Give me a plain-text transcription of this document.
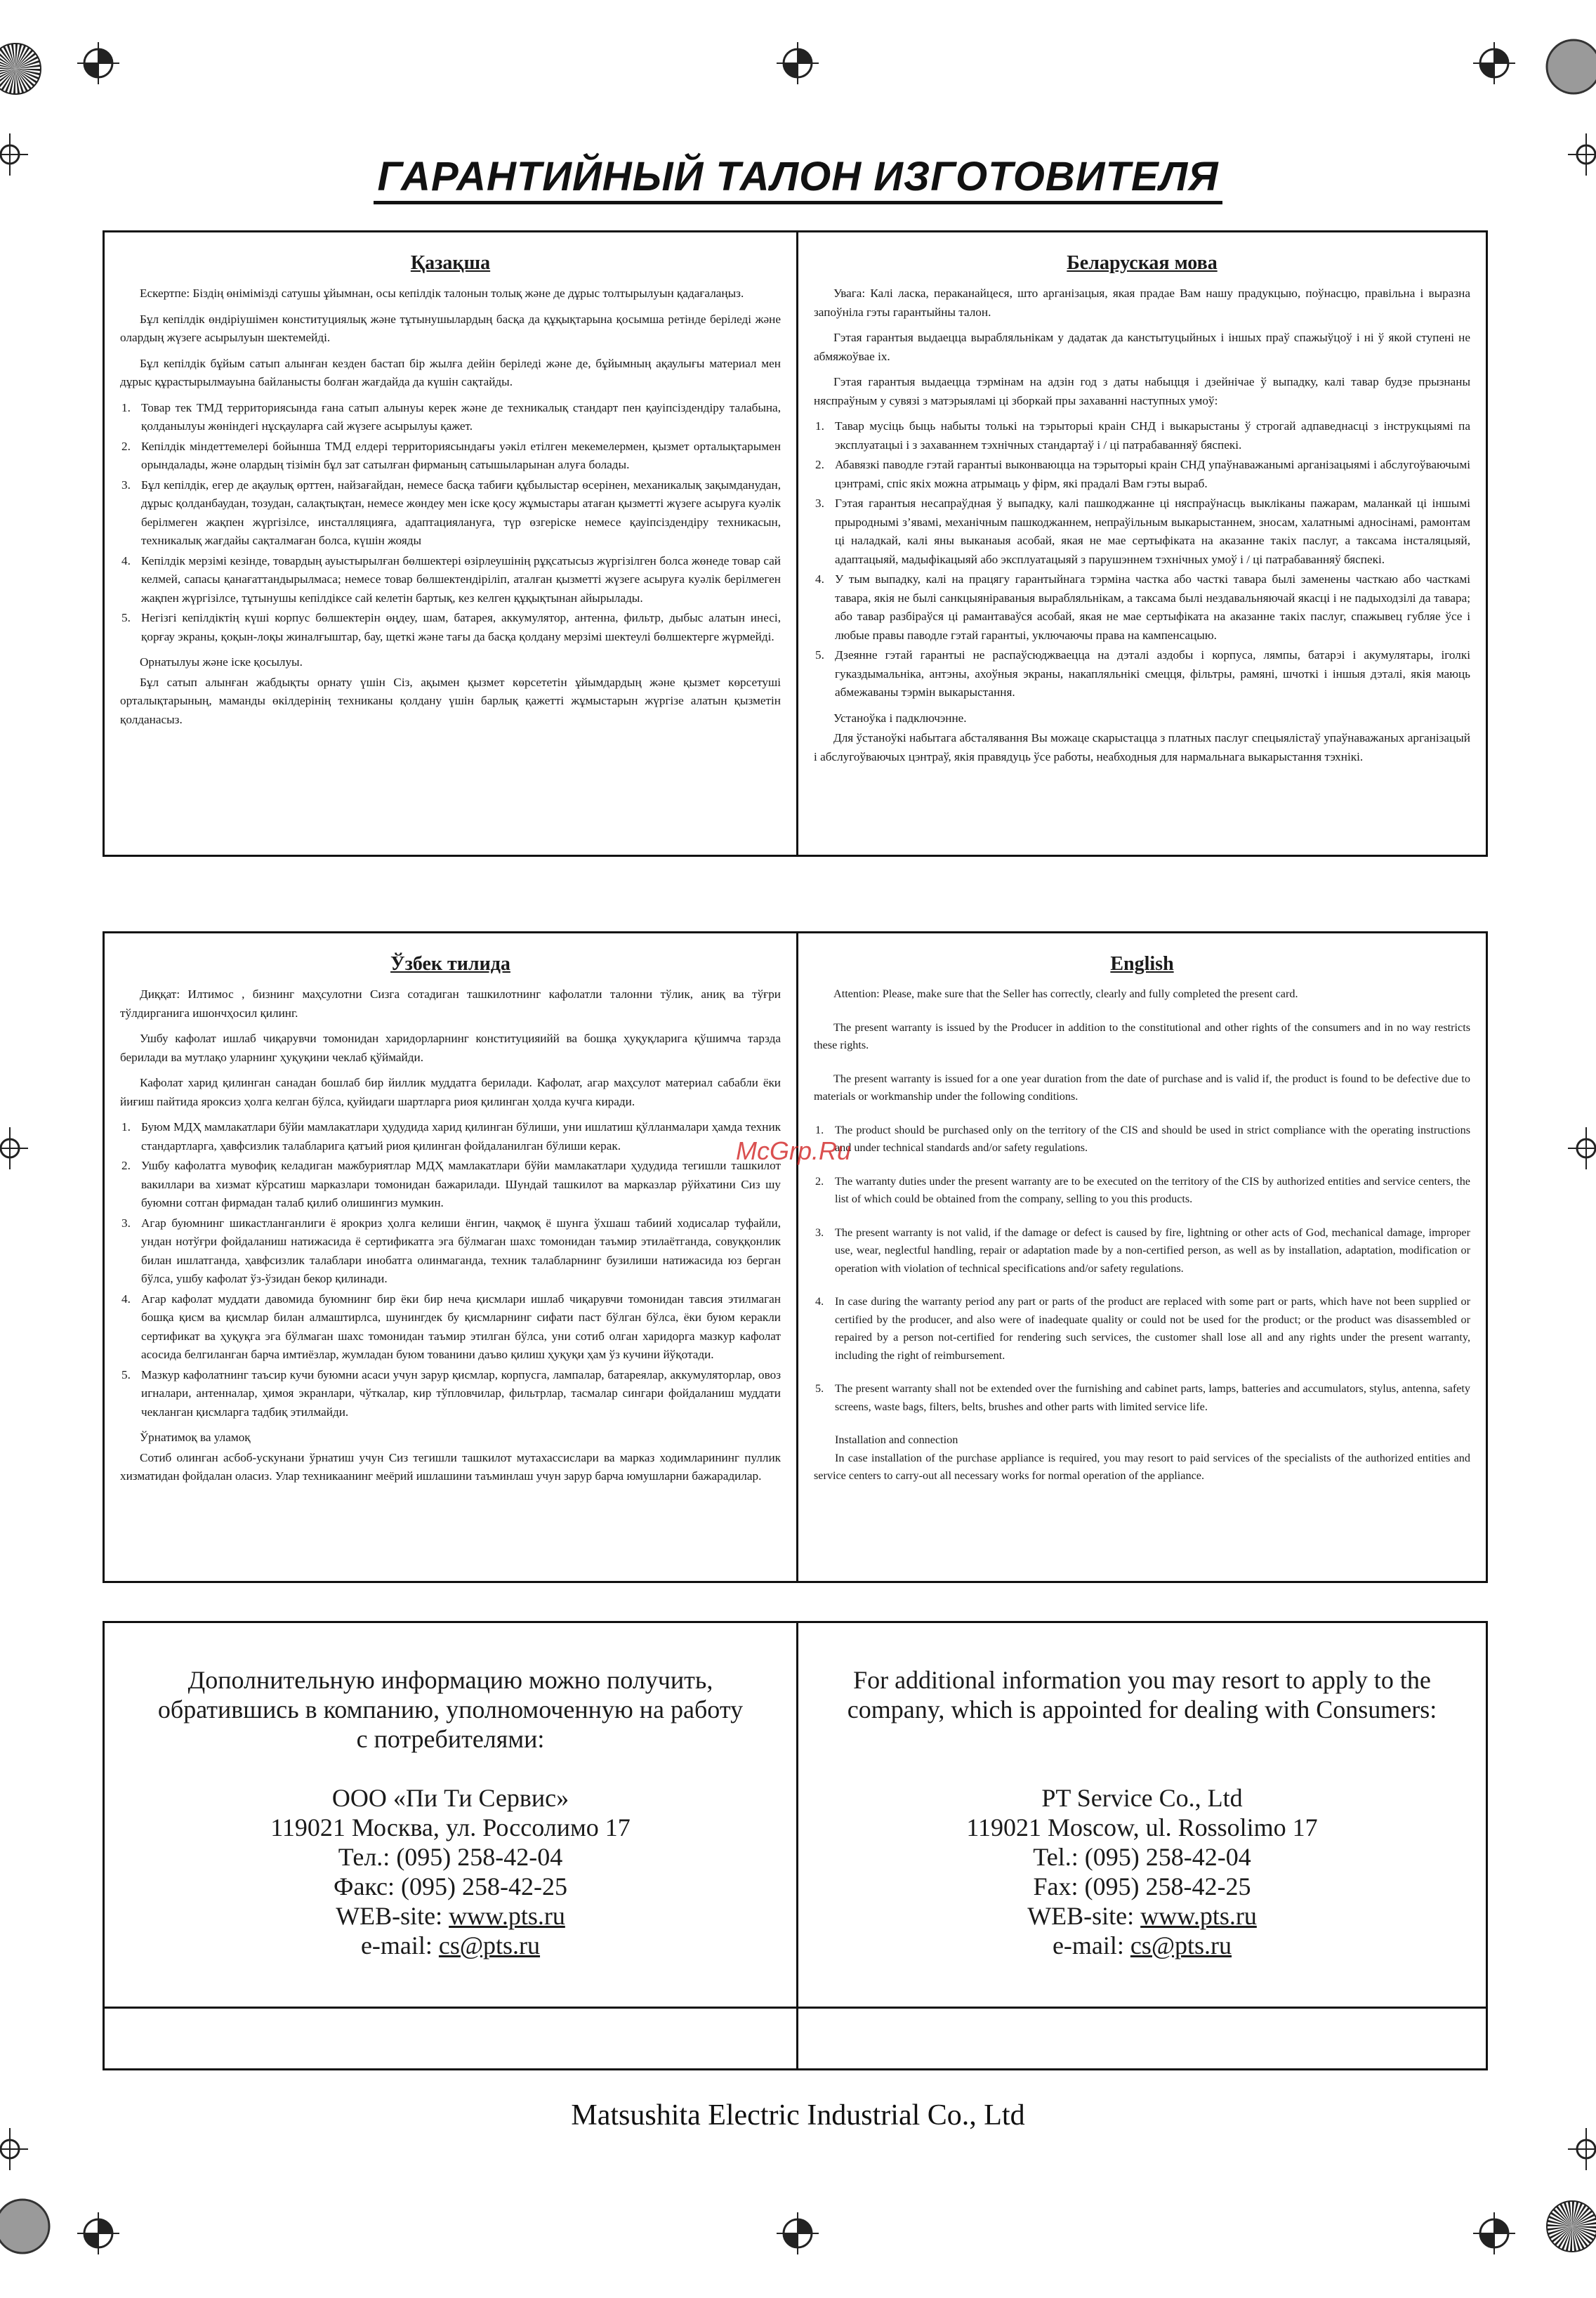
ГАРАНТИЙНЫЙ ТАЛОН ИЗГОТОВИТЕЛЯ
Қазақша

Ескертпе: Біздің өнімімізді сатушы ұйымнан, осы кепілдік талонын толық және де дұрыс толтырылуын қадағалаңыз.

Бұл кепілдік өндіріушімен конституциялық және тұтынушылардың басқа да құқықтарына қосымша ретінде беріледі және олардың жүзеге асырылуын шектемейді.

Бұл кепілдік бұйым сатып алынған кезден бастап бір жылға дейін беріледі және де, бұйымның ақаулығы материал мен дұрыс құрастырылмауына байланысты болған жағдайда да күшін сақтайды.

1. Товар тек ТМД территориясында ғана сатып алынуы керек және де техникалық стандарт пен қауіпсіздендіру талабына, қолданылуы жөніндегі нұсқауларға сай жүзеге асырылуы қажет.
2. Кепілдік міндеттемелері бойынша ТМД елдері территориясындағы уәкіл етілген мекемелермен, қызмет орталықтарымен орындалады, және олардың тізімін бұл зат сатылған фирманың сатышыларынан алуға болады.
3. Бұл кепілдік, егер де ақаулық өрттен, найзағайдан, немесе басқа табиғи құбылыстар өсерінен, механикалық зақымданудан, дұрыс қолданбаудан, тозудан, салақтықтан, немесе жөндеу мен іске қосу жұмыстары атаған қызметті жүзеге асыруға куәлік берілмеген жақпен жүргізілсе, инсталляцияға, адаптациялануға, түр өзгеріске немесе қауіпсіздендіру техникасын, техникалық жағдайы сақталмаған болса, күшін жояды
4. Кепілдік мерзімі кезінде, товардың ауыстырылған бөлшектері өзірлеушінің рұқсатысыз жүргізілген болса жөнеде товар сай келмей, сапасы қанағаттандырылмаса; немесе товар бөлшектендіріліп, аталған қызметті жүзеге асыруға куәлік берілмеген жақпен жүргізілсе, тұтынушы кепілдіксе сай келетін бартық, кез келген құқықтынан айырылады.
5. Негізгі кепілдіктің күші корпус бөлшектерін өңдеу, шам, батарея, аккумулятор, антенна, фильтр, дыбыс алатын инесі, қорғау экраны, қоқын-лоқы жиналғыштар, бау, щеткі және тағы да басқа қолдану мерзімі шектеулі бөлшектерге жүрмейді.

Орнатылуы және іске қосылуы.

Бұл сатып алынған жабдықты орнату үшін Сіз, ақымен қызмет көрсететін ұйымдардың және қызмет көрсетуші орталықтарының, маманды өкілдерінің техниканы қолдану үшін барлық қажетті жұмыстарын жүргізе алатын қызметін қолданасыз.

Беларуская мова

Увага: Калі ласка, пераканайцеся, што арганізацыя, якая прадае Вам нашу прадукцыю, поўнасцю, правільна і выразна запоўніла гэты гарантыйны талон.

Гэтая гарантыя выдаецца вырабляльнікам у дадатак да канстытуцыйных і іншых праў спажыўцоў і ні ў якой ступені не абмяжоўвае іх.

Гэтая гарантыя выдаецца тэрмінам на адзін год з даты набыцця і дзейнічае ў выпадку, калі тавар будзе прызнаны няспраўным у сувязі з матэрыяламі ці зборкай пры захаванні наступных умоў:

1. Тавар мусіць быць набыты толькі на тэрыторыі краін СНД і выкарыстаны ў строгай адпаведнасці з інструкцыямі па эксплуатацыі і з захаваннем тэхнічных стандартаў і / ці патрабаванняў бяспекі.
2. Абавязкі паводле гэтай гарантыі выконваюцца на тэрыторыі краін СНД упаўнаважанымі арганізацыямі і абслугоўваючымі цэнтрамі, спіс якіх можна атрымаць у фірм, які прадалі Вам гэты выраб.
3. Гэтая гарантыя несапраўдная ў выпадку, калі пашкоджанне ці няспраўнасць выкліканы пажарам, маланкай ці іншымі прыроднымі з’явамі, механічным пашкоджаннем, непраўільным выкарыстаннем, зносам, халатнымі адносінамі, рамонтам ці наладкай, калі яны выканаыя асобай, якая не мае сертыфіката на аказанне такіх паслуг, а таксама інсталяцыяй, адаптацыяй, мадыфікацыяй або эксплуатацыяй з парушэннем тэхнічных умоў і / ці патрабаванняў бяспекі.
4. У тым выпадку, калі на працягу гарантыйнага тэрміна частка або часткі тавара былі заменены часткаю або часткамі тавара, якія не былі санкцыяніраваныя вырабляльнікам, а таксама былі нездавальняючай якасці і не падыходзілі да тавара; або тавар разбіраўся ці рамантаваўся асобай, якая не мае сертыфіката на аказанне такіх паслуг, спажывец губляе ўсе і любые правы паводле гэтай гарантыі, уключаючы права на кампенсацыю.
5. Дзеянне гэтай гарантыі не распаўсюджваецца на дэталі аздобы і корпуса, лямпы, батарэі і акумулятары, іголкі гуказдымальніка, антэны, ахоўныя экраны, накапляльнікі смецця, фільтры, рамяні, шчоткі і іншыя дэталі, якія маюць абмежаваны тэрмін выкарыстання.

Устаноўка і падключэнне.

Для ўстаноўкі набытага абсталявання Вы можаце скарыстацца з платных паслуг спецыялістаў упаўнаважаных арганізацый і абслугоўваючых цэнтраў, якія правядуць ўсе работы, неабходныя для нармальнага выкарыстання тэхнікі.

Ўзбек тилида

Диққат: Илтимос , бизнинг маҳсулотни Сизга сотадиган ташкилотнинг кафолатли талонни тўлик, аниқ ва тўғри тўлдирганига ишончҳосил қилинг.

Ушбу кафолат ишлаб чиқарувчи томонидан харидорларнинг конституцияийй ва бошқа ҳуқуқларига қўшимча тарзда берилади ва мутлақо уларнинг ҳуқуқини чеклаб қўймайди.

Кафолат харид қилинган санадан бошлаб бир йиллик муддатга берилади. Кафолат, агар маҳсулот материал сабабли ёки йиғиш пайтида яроксиз ҳолга келган бўлса, қуйидаги шартларга риоя қилинган ҳолда кучга киради.

1. Буюм МДҲ мамлакатлари бўйи мамлакатлари ҳудудида харид қилинган бўлиши, уни ишлатиш қўлланмалари ҳамда техник стандартларга, ҳавфсизлик талабларига қатъий риоя қилинган фойдаланилган бўлиши керак.
2. Ушбу кафолатга мувофиқ келадиган мажбуриятлар МДҲ мамлакатлари бўйи мамлакатлари ҳудудида тегишли ташкилот вакиллари ва хизмат кўрсатиш марказлари томонидан бажарилади. Шундай ташкилот ва марказлар рўйхатини Сиз шу буюмни сотган фирмадан талаб қилиб олишингиз мумкин.
3. Агар буюмнинг шикастланганлиги ё ярокриз ҳолга келиши ёнгин, чақмоқ ё шунга ўхшаш табиий ходисалар туфайли, ундан нотўғри фойдаланиш натижасида ё сертификатга эга бўлмаган шахс томонидан таъмир этилаётганда, совуққонлик билан ишлатганда, ҳавфсизлик талаблари инобатга олинмаганда, техник талабларнинг бузилиши натижасида юз берган бўлса, ушбу кафолат ўз-ўзидан бекор қилинади.
4. Агар кафолат муддати давомида буюмнинг бир ёки бир неча қисмлари ишлаб чиқарувчи томонидан тавсия этилмаган бошқа қисм ва қисмлар билан алмаштирлса, шунингдек бу қисмларнинг сифати паст бўлган бўлса, ёки буюм керакли сертификат ва ҳуқуқга эга бўлмаган шахс томонидан таъмир этилган бўлса, уни сотиб олган харидорга мазкур кафолат асосида белгиланган барча имтиёзлар, жумладан буюм тованини даъво қилиш ҳуқуқи ҳам ўз кучини йўқотади.
5. Мазкур кафолатнинг таъсир кучи буюмни асаси учун зарур қисмлар, корпусга, лампалар, батареялар, аккумуляторлар, овоз игналари, антенналар, ҳимоя экранлари, чўткалар, кир тўпловчилар, фильтрлар, тасмалар сингари фойдаланиш муддати чекланган қисмларга тадбиқ этилмайди.

Ўрнатимоқ ва уламоқ

Сотиб олинган асбоб-ускунани ўрнатиш учун Сиз тегишли ташкилот мутахассислари ва марказ ходимларининг пуллик хизматидан фойдалан оласиз. Улар техникаанинг меёрий ишлашини таъминлаш учун зарур барча юмушларни бажарадилар.

English

Attention: Please, make sure that the Seller has correctly, clearly and fully completed the present card.

The present warranty is issued by the Producer in addition to the constitutional and other rights of the consumers and in no way restricts these rights.

The present warranty is issued for a one year duration from the date of purchase and is valid if, the product is found to be defective due to materials or workmanship under the following conditions.

1. The product should be purchased only on the territory of the CIS and should be used in strict compliance with the operating instructions and under technical standards and/or safety regulations.
2. The warranty duties under the present warranty are to be executed on the territory of the CIS by authorized entities and service centers, the list of which could be obtained from the company, selling to you this products.
3. The present warranty is not valid, if the damage or defect is caused by fire, lightning or other acts of God, mechanical damage, improper use, wear, neglectful handling, repair or adaptation made by a non-certified person, as well as by installation, adaptation, modification or operation with violation of technical specifications and/or safety regulations.
4. In case during the warranty period any part or parts of the product are replaced with some part or parts, which have not been supplied or certified by the producer, and also were of inadequate quality or could not be used for the product; or the product was disassembled or repaired by a person not-certified for rendering such services, the customer shall lose all and any rights under the present warranty, including the right of reimbursement.
5. The present warranty shall not be extended over the furnishing and cabinet parts, lamps, batteries and accumulators, stylus, antenna, safety screens, waste bags, filters, belts, brushes and other parts with limited service life.

Installation and connection

In case installation of the purchase appliance is required, you may resort to paid services of the specialists of the authorized entities and service centers to carry-out all necessary works for normal operation of the appliance.

Дополнительную информацию можно получить,
обратившись в компанию, уполномоченную на работу
с потребителями:
ООО «Пи Ти Сервис»
119021 Москва, ул. Россолимо 17
Тел.: (095) 258-42-04
Факс: (095) 258-42-25
WEB-site: www.pts.ru
e-mail: cs@pts.ru
For additional information you may resort to apply to the
company, which is appointed for dealing with Consumers:
PT Service Co., Ltd
119021 Moscow, ul. Rossolimo 17
Tel.: (095) 258-42-04
Fax: (095) 258-42-25
WEB-site: www.pts.ru
e-mail: cs@pts.ru
McGrp.Ru
Matsushita Electric Industrial Co., Ltd
